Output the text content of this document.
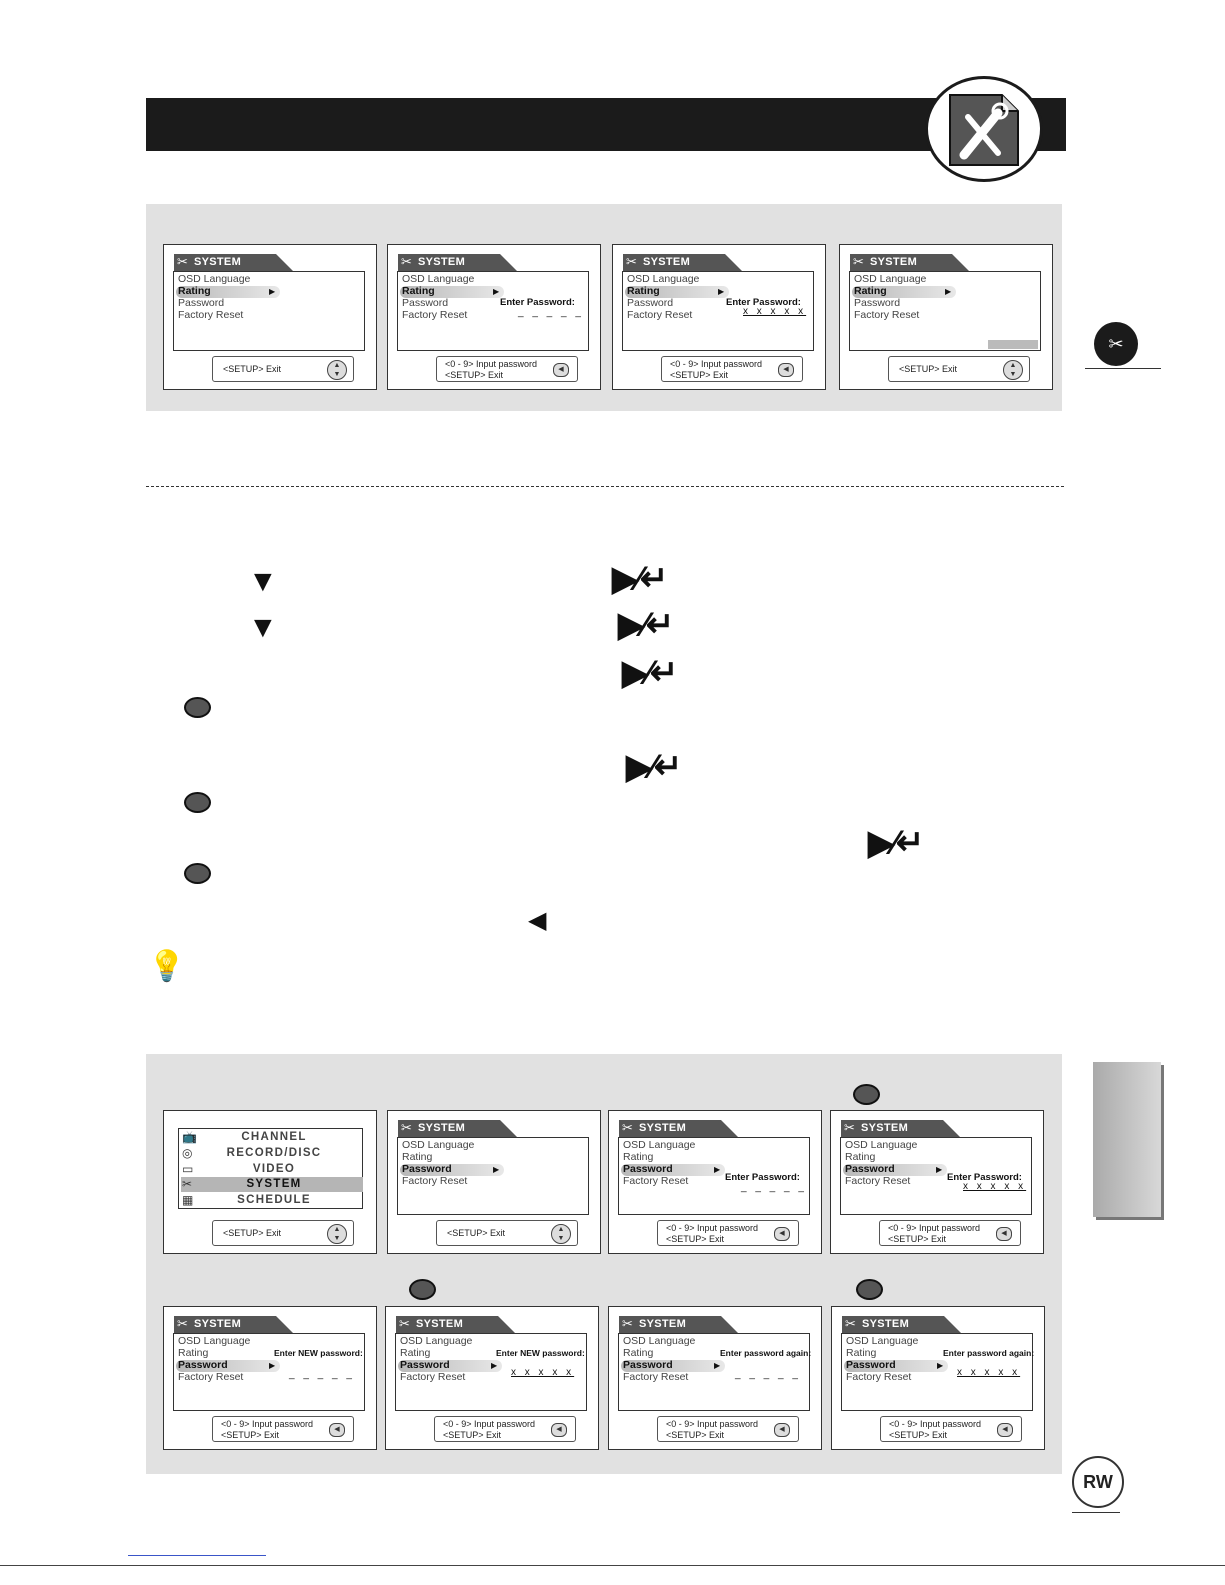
✂ SYSTEM
OSD Language
Rating	▶
Password
Factory Reset
<SETUP> Exit	▲
▼
✂ SYSTEM
OSD Language
Rating	▶
Password
Factory Reset
Enter Password:
_ _ _ _ _
<0 - 9> Input password
<SETUP> Exit
◀
✂ SYSTEM
OSD Language
Rating	▶
Password
Factory Reset
Enter Password:
x x x x x
<0 - 9> Input password
<SETUP> Exit
◀
✂ SYSTEM
OSD Language
Rating	▶
Password
Factory Reset
<SETUP> Exit	▲
▼
✂
▼	▶⁄↵
▼	▶⁄↵
▶⁄↵
▶⁄↵
▶⁄↵
◀
💡
📺
◎
▭
✂
▦
CHANNEL
RECORD/DISC
VIDEO
SYSTEM
SCHEDULE
<SETUP> Exit	▲
▼
✂ SYSTEM
OSD Language
Rating
Password	▶
Factory Reset
<SETUP> Exit	▲
▼
✂ SYSTEM
OSD Language
Rating
Password	▶
Factory Reset	Enter Password:
_ _ _ _ _
<0 - 9> Input password
<SETUP> Exit
◀
✂ SYSTEM
OSD Language
Rating
Password	▶
Factory Reset	Enter Password:
x x x x x
<0 - 9> Input password
<SETUP> Exit
◀
✂ SYSTEM
OSD Language
Rating
Password	▶
Factory Reset
Enter NEW password:
_ _ _ _ _
<0 - 9> Input password
<SETUP> Exit
◀
✂ SYSTEM
OSD Language
Rating
Password	▶
Factory Reset
Enter NEW password:
x x x x x
<0 - 9> Input password
<SETUP> Exit
◀
✂ SYSTEM
OSD Language
Rating
Password	▶
Factory Reset
Enter password again:
_ _ _ _ _
<0 - 9> Input password
<SETUP> Exit
◀
✂ SYSTEM
OSD Language
Rating
Password	▶
Factory Reset
Enter password again:
x x x x x
<0 - 9> Input password
<SETUP> Exit
◀
RW
